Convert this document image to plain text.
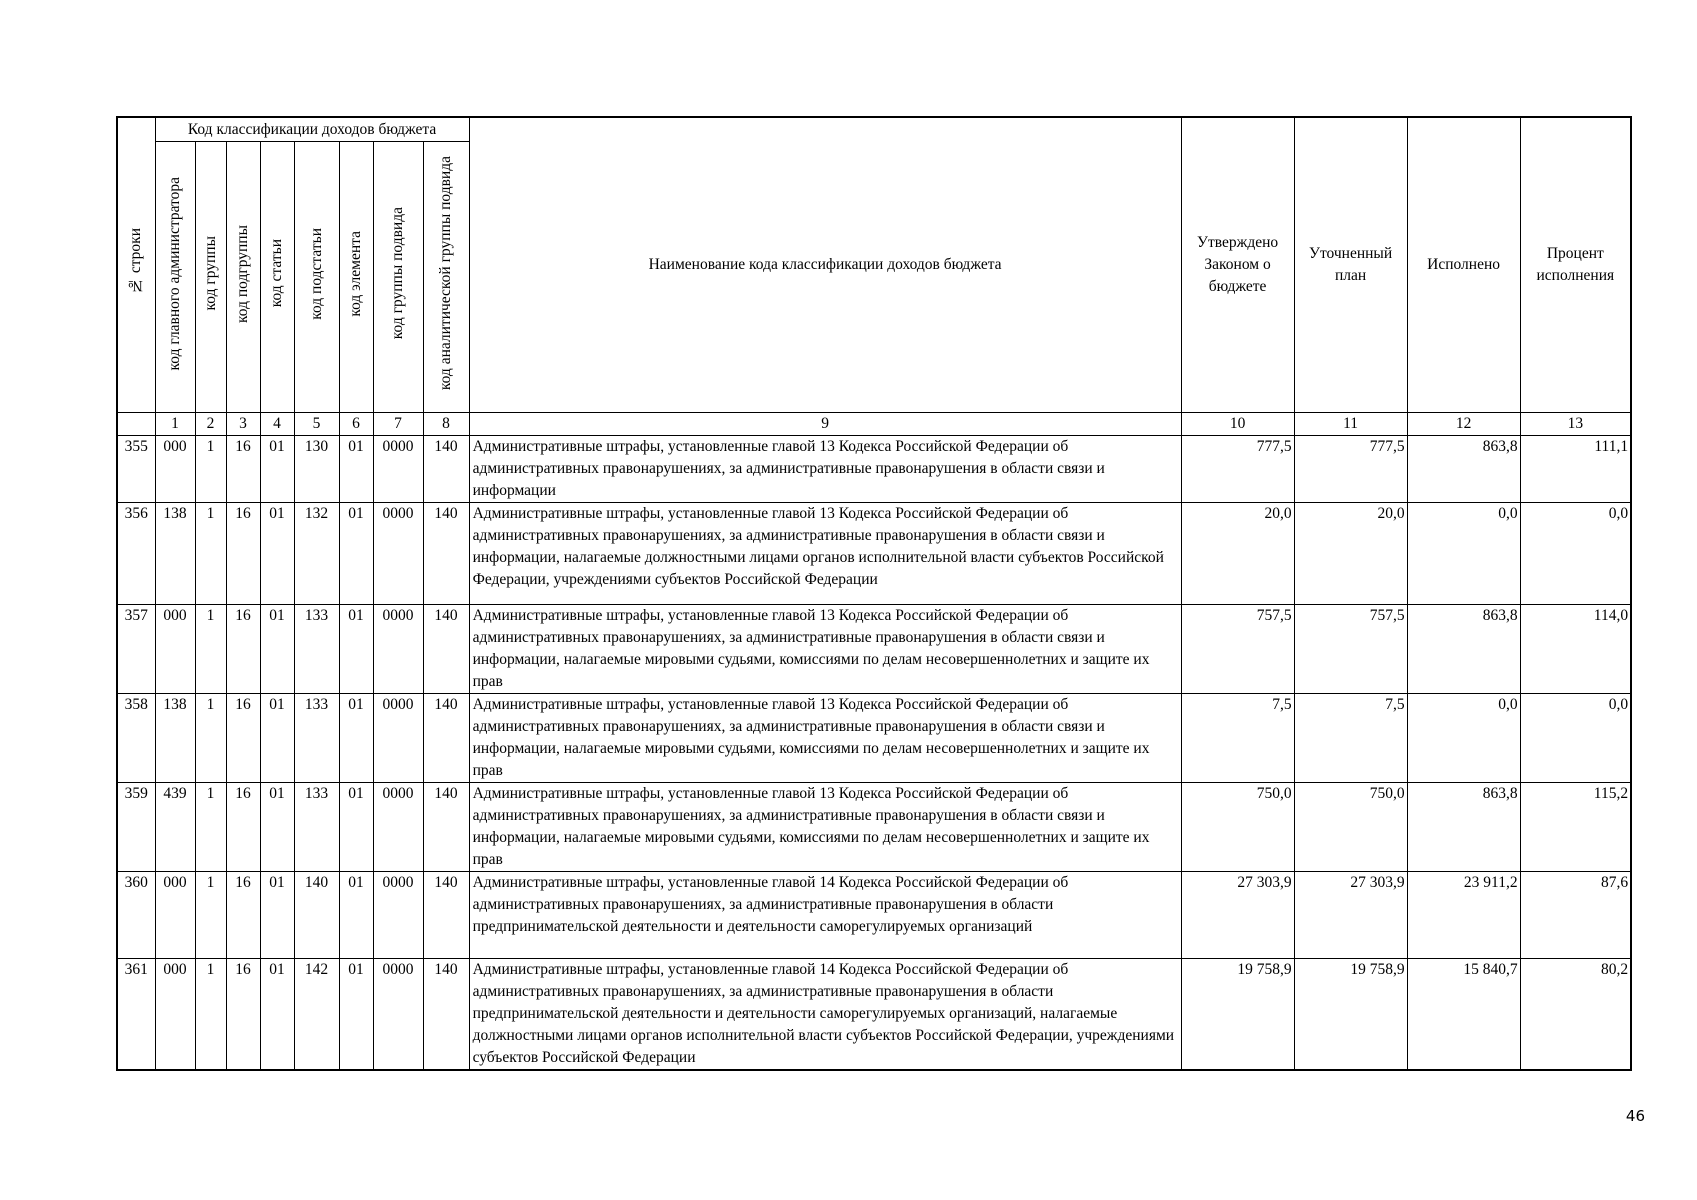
№ строки	Код классификации доходов бюджета								Наименование кода классификации доходов бюджета	Утверждено Законом о бюджете	Уточненный план	Исполнено	Процент исполнения
	код главного администратора	код группы	код подгруппы	код статьи	код подстатьи	код элемента	код группы подвида	код аналитической группы подвида					
	1	2	3	4	5	6	7	8	9	10	11	12	13
355	000	1	16	01	130	01	0000	140	Административные штрафы, установленные главой 13 Кодекса Российской Федерации об административных правонарушениях, за административные правонарушения в области связи и информации	777,5	777,5	863,8	111,1
356	138	1	16	01	132	01	0000	140	Административные штрафы, установленные главой 13 Кодекса Российской Федерации об административных правонарушениях, за административные правонарушения в области связи и информации, налагаемые должностными лицами органов исполнительной власти субъектов Российской Федерации, учреждениями субъектов Российской Федерации	20,0	20,0	0,0	0,0
357	000	1	16	01	133	01	0000	140	Административные штрафы, установленные главой 13 Кодекса Российской Федерации об административных правонарушениях, за административные правонарушения в области связи и информации, налагаемые мировыми судьями, комиссиями по делам несовершеннолетних и защите их прав	757,5	757,5	863,8	114,0
358	138	1	16	01	133	01	0000	140	Административные штрафы, установленные главой 13 Кодекса Российской Федерации об административных правонарушениях, за административные правонарушения в области связи и информации, налагаемые мировыми судьями, комиссиями по делам несовершеннолетних и защите их прав	7,5	7,5	0,0	0,0
359	439	1	16	01	133	01	0000	140	Административные штрафы, установленные главой 13 Кодекса Российской Федерации об административных правонарушениях, за административные правонарушения в области связи и информации, налагаемые мировыми судьями, комиссиями по делам несовершеннолетних и защите их прав	750,0	750,0	863,8	115,2
360	000	1	16	01	140	01	0000	140	Административные штрафы, установленные главой 14 Кодекса Российской Федерации об административных правонарушениях, за административные правонарушения в области предпринимательской деятельности и деятельности саморегулируемых организаций	27 303,9	27 303,9	23 911,2	87,6
361	000	1	16	01	142	01	0000	140	Административные штрафы, установленные главой 14 Кодекса Российской Федерации об административных правонарушениях, за административные правонарушения в области предпринимательской деятельности и деятельности саморегулируемых организаций, налагаемые должностными лицами органов исполнительной власти субъектов Российской Федерации, учреждениями субъектов Российской Федерации	19 758,9	19 758,9	15 840,7	80,2
46
